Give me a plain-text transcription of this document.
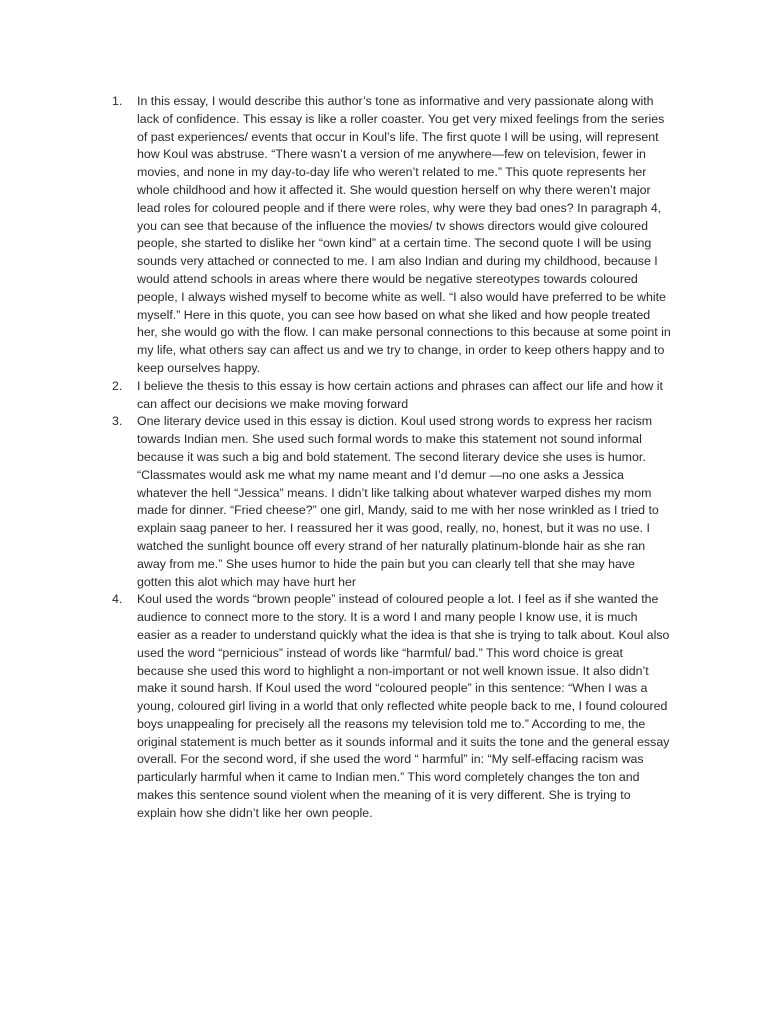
1.	In this essay, I would describe this author’s tone as informative and very passionate along with lack of confidence. This essay is like a roller coaster. You get very mixed feelings from the series of past experiences/ events that occur in Koul’s life. The first quote I will be using, will represent how Koul was abstruse. “There wasn’t a version of me anywhere—few on television, fewer in movies, and none in my day-to-day life who weren’t related to me.” This quote represents her whole childhood and how it affected it. She would question herself on why there weren’t major lead roles for coloured people and if there were roles, why were they bad ones? In paragraph 4, you can see that because of the influence the movies/ tv shows directors would give coloured people, she started to dislike her “own kind” at a certain time. The second quote I will be using sounds very attached or connected to me. I am also Indian and during my childhood, because I would attend schools in areas where there would be negative stereotypes towards coloured people, I always wished myself to become white as well. “I also would have preferred to be white myself.” Here in this quote, you can see how based on what she liked and how people treated her, she would go with the flow. I can make personal connections to this because at some point in my life, what others say can affect us and we try to change, in order to keep others happy and to keep ourselves happy.
2.	I believe the thesis to this essay is how certain actions and phrases can affect our life and how it can affect our decisions we make moving forward
3.	One literary device used in this essay is diction. Koul used strong words to express her racism towards Indian men. She used such formal words to make this statement not sound informal because it was such a big and bold statement. The second literary device she uses is humor. “Classmates would ask me what my name meant and I’d demur —no one asks a Jessica whatever the hell “Jessica” means. I didn’t like talking about whatever warped dishes my mom made for dinner. “Fried cheese?” one girl, Mandy, said to me with her nose wrinkled as I tried to explain saag paneer to her. I reassured her it was good, really, no, honest, but it was no use. I watched the sunlight bounce off every strand of her naturally platinum-blonde hair as she ran away from me.” She uses humor to hide the pain but you can clearly tell that she may have gotten this alot which may have hurt her
4.	Koul used the words “brown people” instead of coloured people a lot. I feel as if she wanted the audience to connect more to the story. It is a word I and many people I know use, it is much easier as a reader to understand quickly what the idea is that she is trying to talk about. Koul also used the word “pernicious” instead of words like “harmful/ bad.” This word choice is great because she used this word to highlight a non-important or not well known issue. It also didn’t make it sound harsh. If Koul used the word “coloured people” in this sentence: “When I was a young, coloured girl living in a world that only reflected white people back to me, I found coloured boys unappealing for precisely all the reasons my television told me to.” According to me, the original statement is much better as it sounds informal and it suits the tone and the general essay overall. For the second word, if she used the word “ harmful” in: “My self-effacing racism was particularly harmful when it came to Indian men.” This word completely changes the ton and makes this sentence sound violent when the meaning of it is very different. She is trying to explain how she didn’t like her own people.
